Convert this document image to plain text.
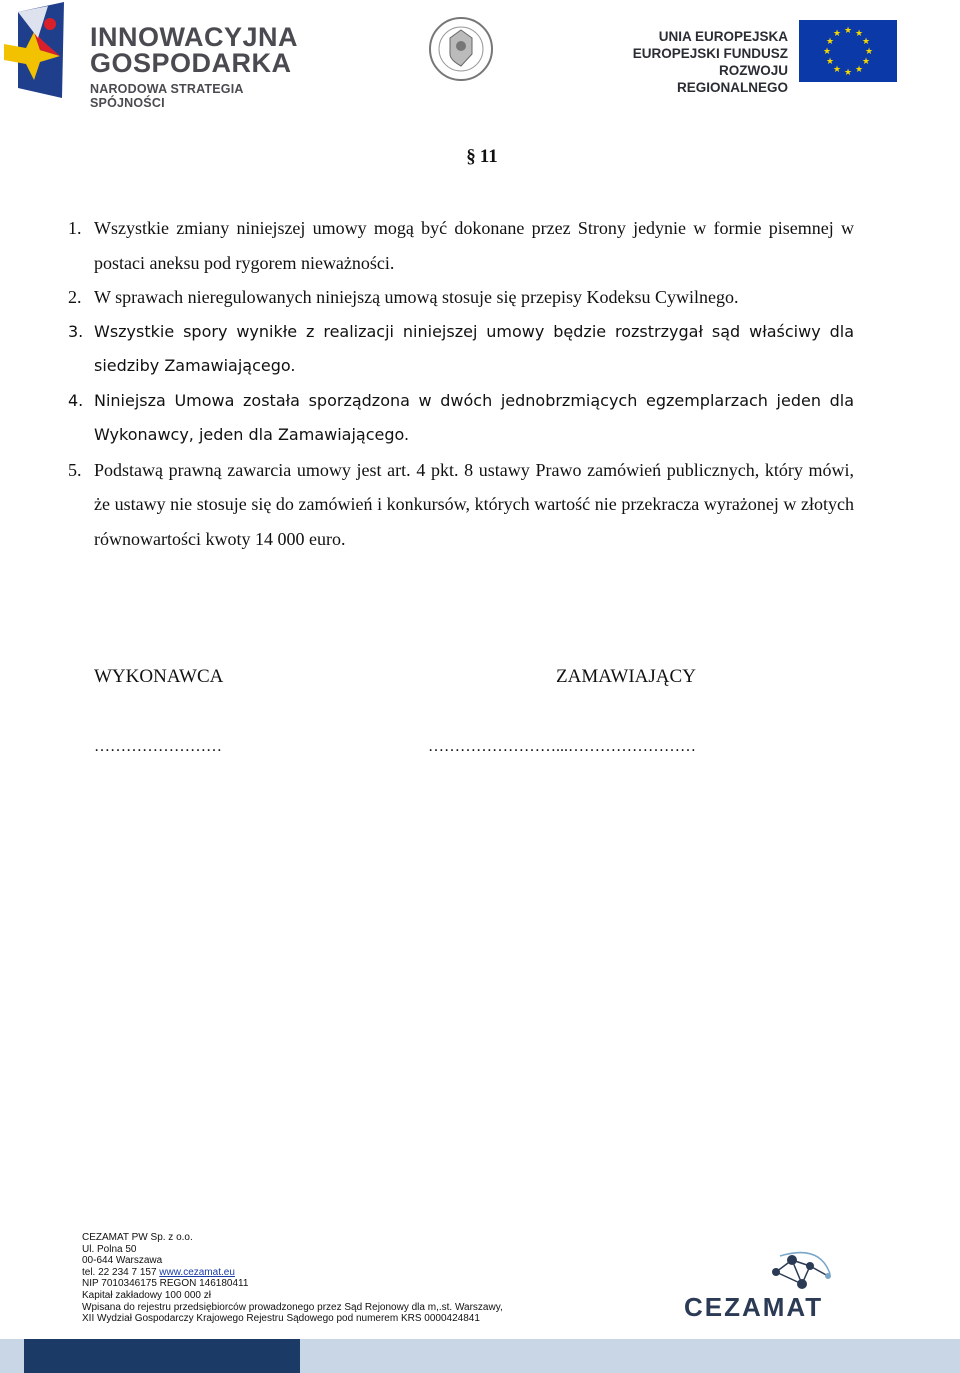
INNOWACYJNA
GOSPODARKA
NARODOWA STRATEGIA SPÓJNOŚCI
UNIA EUROPEJSKA
EUROPEJSKI FUNDUSZ
ROZWOJU REGIONALNEGO
★ ★
★
★
★
★
★
★
★
★
★
★
§ 11
1. Wszystkie zmiany niniejszej umowy mogą być dokonane przez Strony jedynie w formie pisemnej w postaci aneksu pod rygorem nieważności.
2. W sprawach nieregulowanych niniejszą umową stosuje się przepisy Kodeksu Cywilnego.
3. Wszystkie spory wynikłe z realizacji niniejszej umowy będzie rozstrzygał sąd właściwy dla siedziby Zamawiającego.
4. Niniejsza Umowa została sporządzona w dwóch jednobrzmiących egzemplarzach jeden dla Wykonawcy, jeden dla Zamawiającego.
5. Podstawą prawną zawarcia umowy jest art. 4 pkt. 8 ustawy Prawo zamówień publicznych, który mówi, że ustawy nie stosuje się do zamówień i konkursów, których wartość nie przekracza wyrażonej w złotych równowartości kwoty 14 000 euro.
WYKONAWCA	ZAMAWIAJĄCY
……………………	……………………...……………………
CEZAMAT PW Sp. z o.o.
Ul. Polna 50
00-644 Warszawa
tel. 22 234 7 157 www.cezamat.eu
NIP 7010346175 REGON 146180411
Kapitał zakładowy 100 000 zł
Wpisana do rejestru przedsiębiorców prowadzonego przez Sąd Rejonowy dla m,.st. Warszawy,
XII Wydział Gospodarczy Krajowego Rejestru Sądowego pod numerem KRS 0000424841	CEZAMAT
